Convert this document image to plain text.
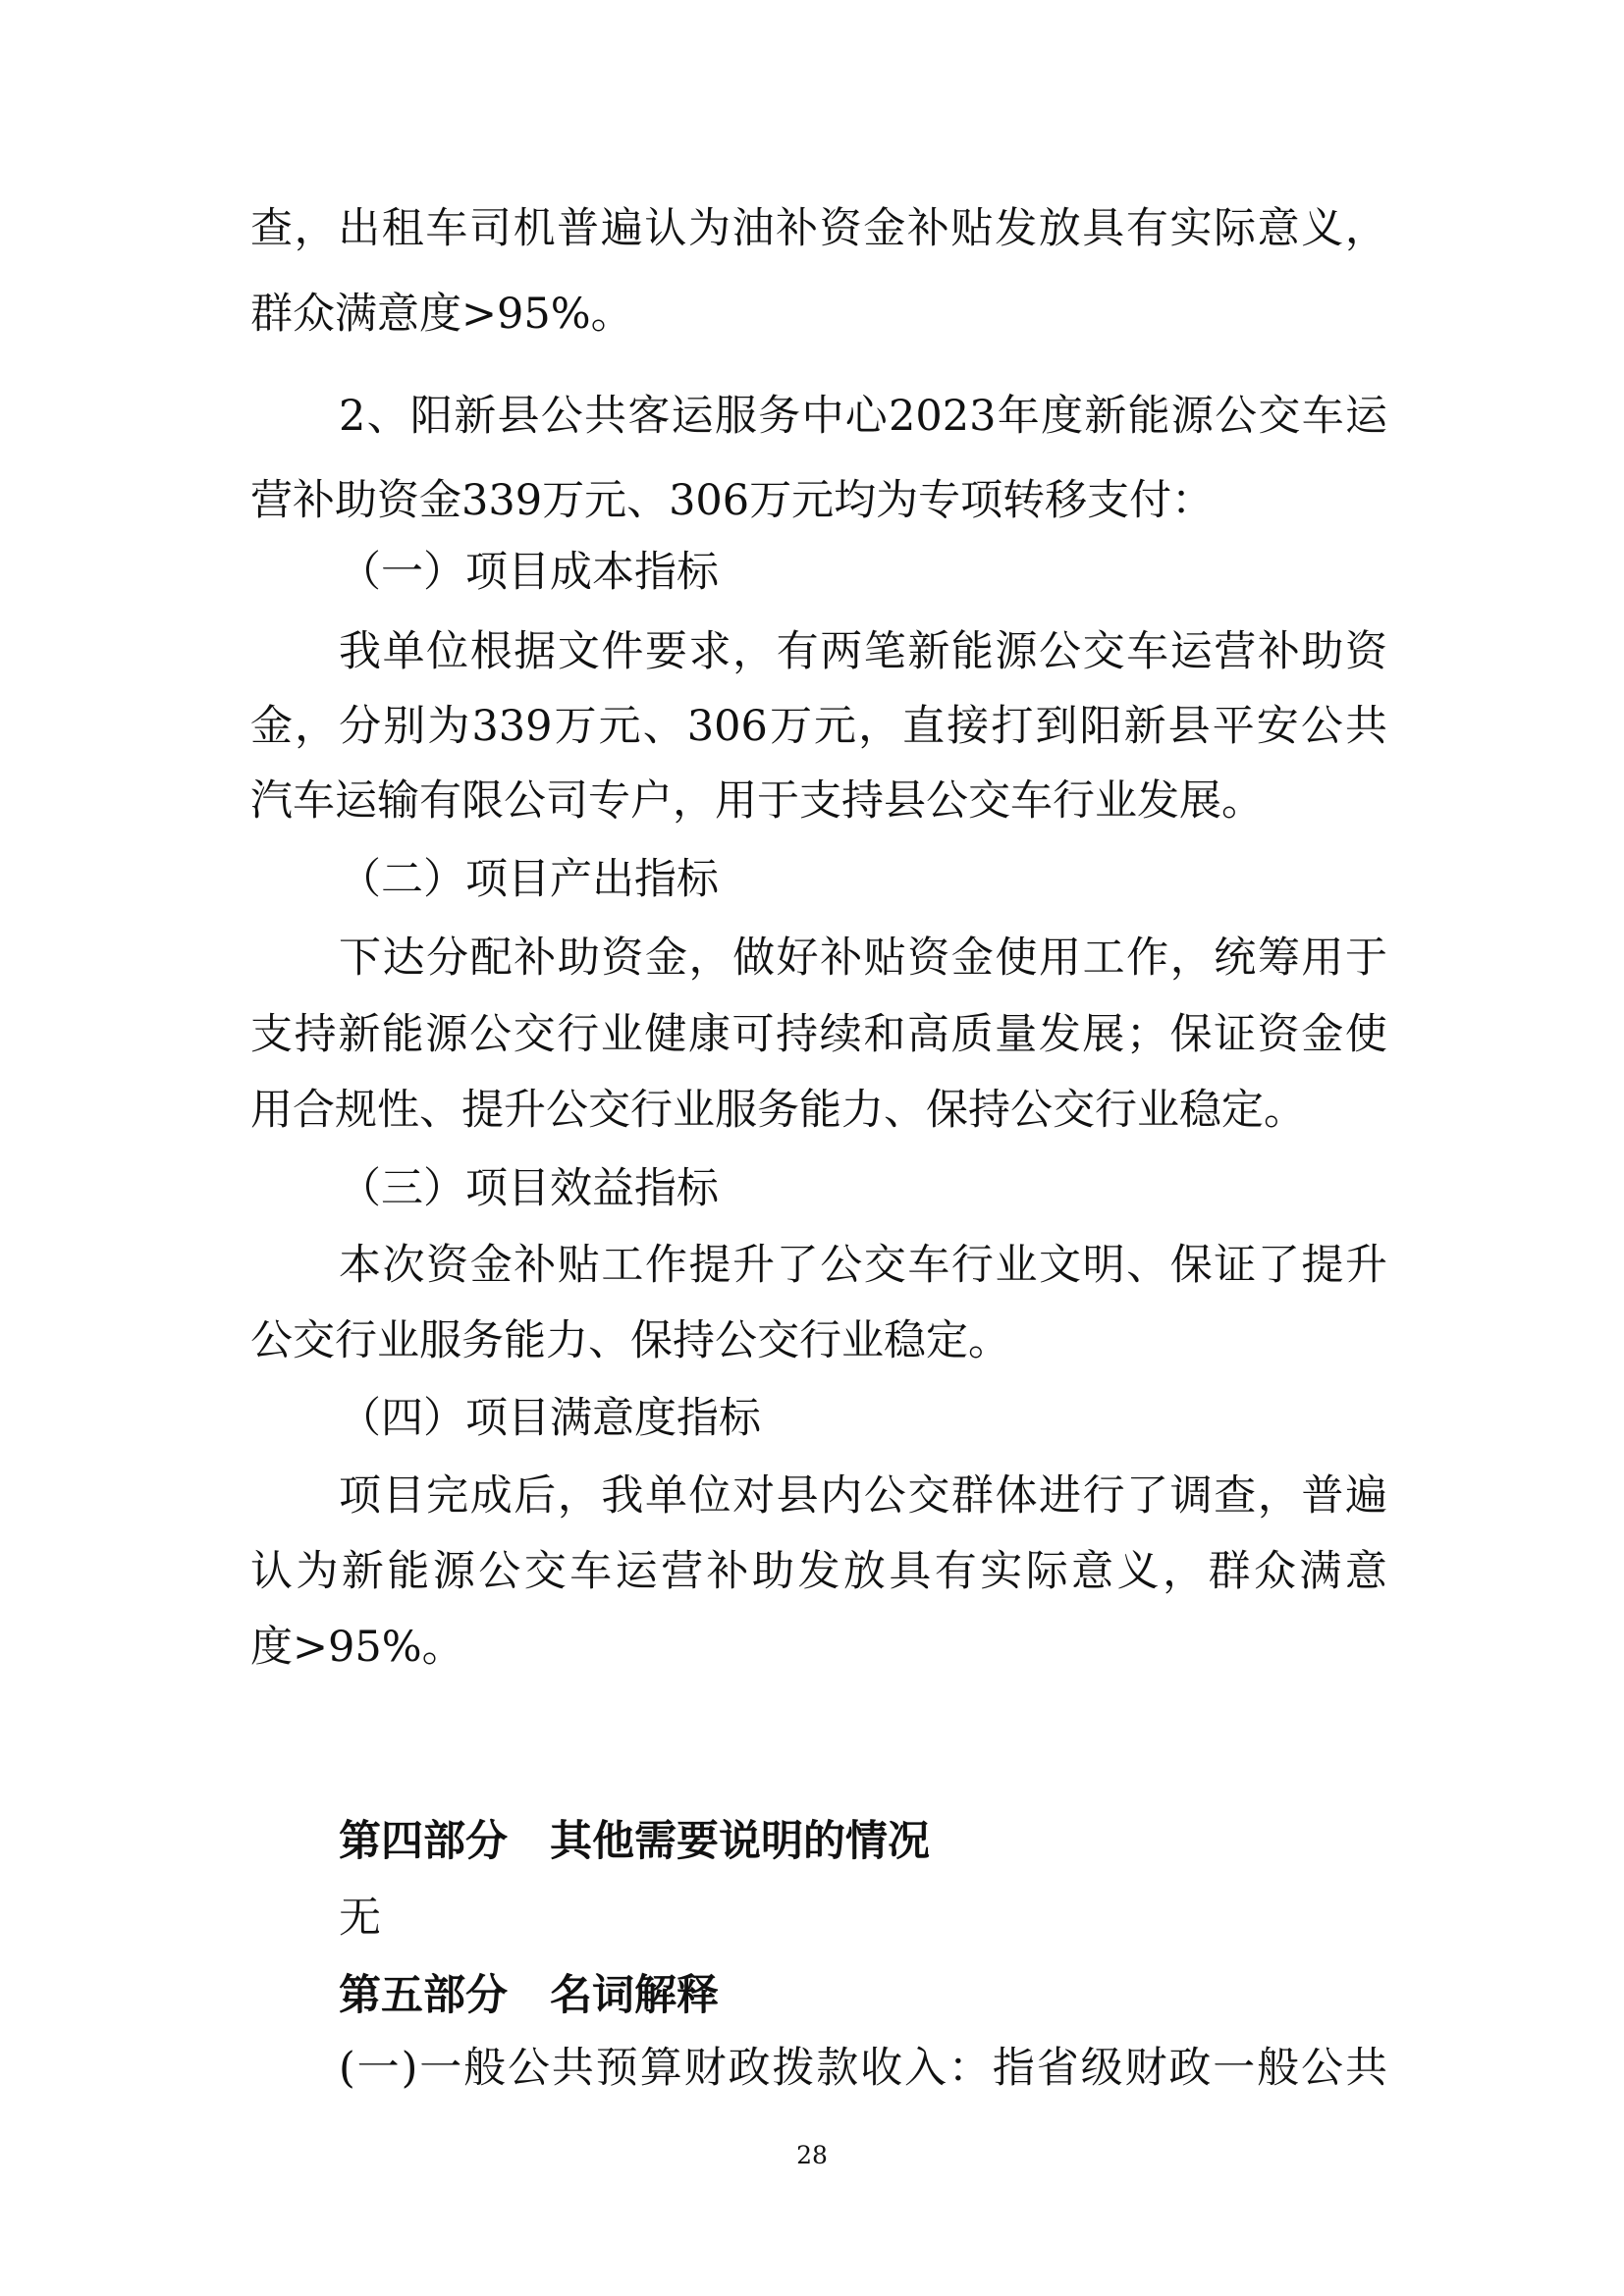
查 ， 出 租 车 司 机 普 遍 认 为 油 补 资 金 补 贴 发 放 具 有 实 际 意 义 ，
群众满意度>95%。
2 、 阳 新 县 公 共 客 运 服 务 中 心 2023 年 度 新 能 源 公 交 车 运
营补助资金339万元、306万元均为专项转移支付：
（一）项目成本指标
我 单 位 根 据 文 件 要 求 ， 有 两 笔 新 能 源 公 交 车 运 营 补 助 资
金 ， 分 别 为 339 万 元 、 306 万 元 ， 直 接 打 到 阳 新 县 平 安 公 共
汽车运输有限公司专户，用于支持县公交车行业发展。
（二）项目产出指标
下 达 分 配 补 助 资 金 ， 做 好 补 贴 资 金 使 用 工 作 ， 统 筹 用 于
支 持 新 能 源 公 交 行 业 健 康 可 持 续 和 高 质 量 发 展 ； 保 证 资 金 使
用合规性、提升公交行业服务能力、保持公交行业稳定。
（三）项目效益指标
本 次 资 金 补 贴 工 作 提 升 了 公 交 车 行 业 文 明 、 保 证 了 提 升
公交行业服务能力、保持公交行业稳定。
（四）项目满意度指标
项 目 完 成 后 ， 我 单 位 对 县 内 公 交 群 体 进 行 了 调 查 ， 普 遍
认 为 新 能 源 公 交 车 运 营 补 助 发 放 具 有 实 际 意 义 ， 群 众 满 意
度>95%。
第四部分　其他需要说明的情况
无
第五部分　名词解释
( 一 ) 一 般 公 共 预 算 财 政 拨 款 收 入 ： 指 省 级 财 政 一 般 公 共
28
